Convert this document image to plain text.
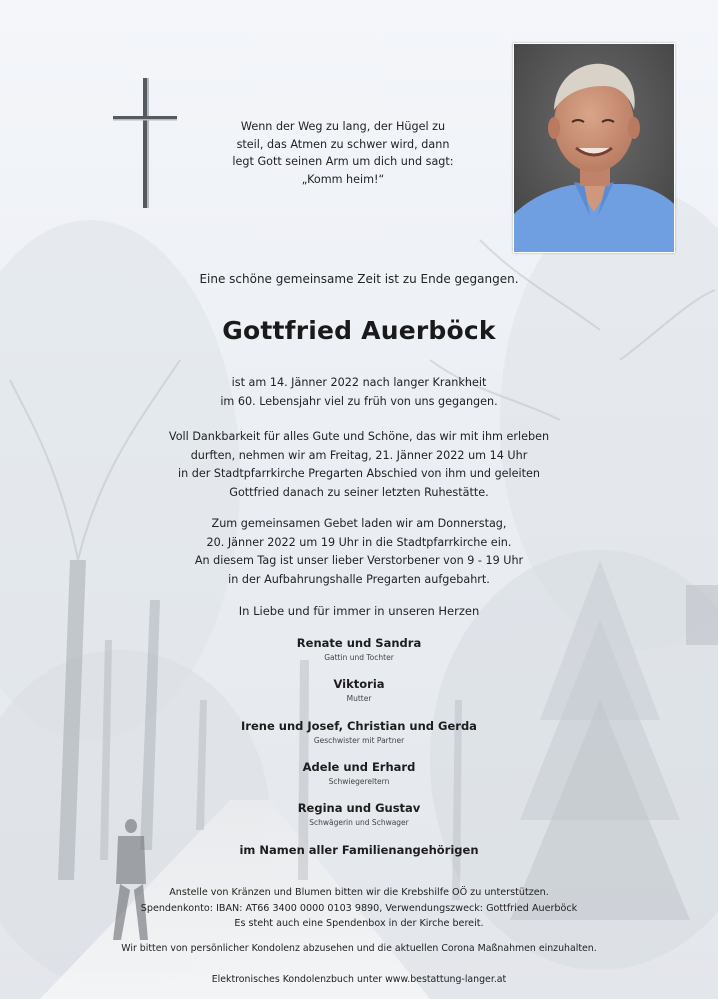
Wenn der Weg zu lang, der Hügel zu
steil, das Atmen zu schwer wird, dann
legt Gott seinen Arm um dich und sagt:
„Komm heim!“
Eine schöne gemeinsame Zeit ist zu Ende gegangen.
Gottfried Auerböck
ist am 14. Jänner 2022 nach langer Krankheit
im 60. Lebensjahr viel zu früh von uns gegangen.
Voll Dankbarkeit für alles Gute und Schöne, das wir mit ihm erleben
durften, nehmen wir am Freitag, 21. Jänner 2022 um 14 Uhr
in der Stadtpfarrkirche Pregarten Abschied von ihm und geleiten
Gottfried danach zu seiner letzten Ruhestätte.
Zum gemeinsamen Gebet laden wir am Donnerstag,
20. Jänner 2022 um 19 Uhr in die Stadtpfarrkirche ein.
An diesem Tag ist unser lieber Verstorbener von 9 - 19 Uhr
in der Aufbahrungshalle Pregarten aufgebahrt.
In Liebe und für immer in unseren Herzen
Renate und Sandra
Gattin und Tochter
Viktoria
Mutter
Irene und Josef, Christian und Gerda
Geschwister mit Partner
Adele und Erhard
Schwiegereltern
Regina und Gustav
Schwägerin und Schwager
im Namen aller Familienangehörigen
Anstelle von Kränzen und Blumen bitten wir die Krebshilfe OÖ zu unterstützen.
Spendenkonto: IBAN: AT66 3400 0000 0103 9890, Verwendungszweck: Gottfried Auerböck
Es steht auch eine Spendenbox in der Kirche bereit.
Wir bitten von persönlicher Kondolenz abzusehen und die aktuellen Corona Maßnahmen einzuhalten.
Elektronisches Kondolenzbuch unter www.bestattung-langer.at
